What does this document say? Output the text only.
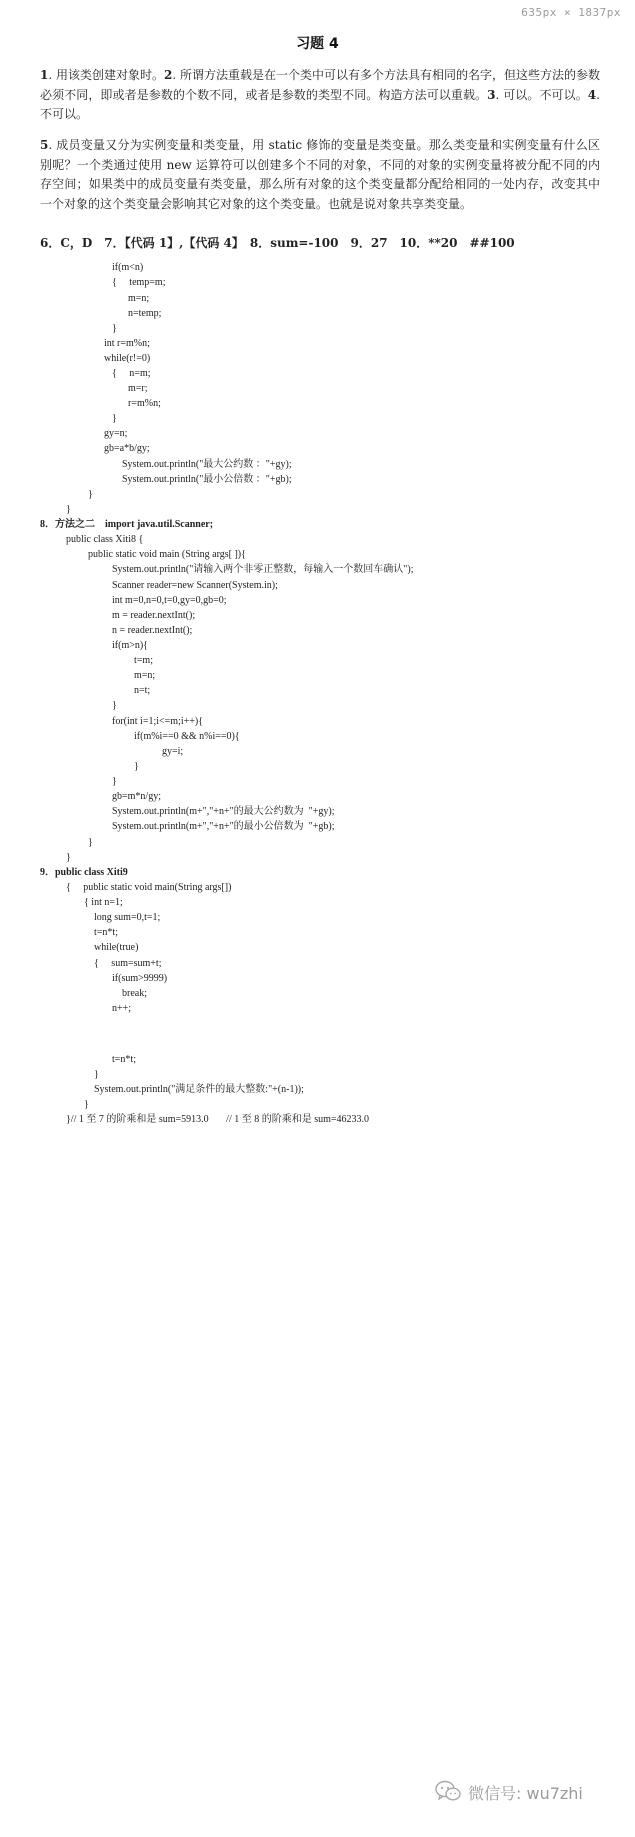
635px × 1837px
习题 4
1. 用该类创建对象时。2. 所谓方法重载是在一个类中可以有多个方法具有相同的名字，但这些方法的参数必须不同，即或者是参数的个数不同，或者是参数的类型不同。构造方法可以重载。3. 可以。不可以。4. 不可以。
5. 成员变量又分为实例变量和类变量，用 static 修饰的变量是类变量。那么类变量和实例变量有什么区别呢？一个类通过使用 new 运算符可以创建多个不同的对象，不同的对象的实例变量将被分配不同的内存空间；如果类中的成员变量有类变量，那么所有对象的这个类变量都分配给相同的一处内存，改变其中一个对象的这个类变量会影响其它对象的这个类变量。也就是说对象共享类变量。
6．C，D　7．【代码 1】,【代码 4】　8．sum=-100　9．27　10．**20　##100
if(m<n)
{     temp=m;
m=n;
n=temp;
}
int r=m%n;
while(r!=0)
{     n=m;
m=r;
r=m%n;
}
gy=n;
gb=a*b/gy;
System.out.println("最大公约数 ："+gy);
System.out.println("最小公倍数 ："+gb);
}
}
8．方法之二    import java.util.Scanner;
public class Xiti8 {
public static void main (String args[ ]){
System.out.println("请输入两个非零正整数，每输入一个数回车确认");
Scanner reader=new Scanner(System.in);
int m=0,n=0,t=0,gy=0,gb=0;
m = reader.nextInt();
n = reader.nextInt();
if(m>n){
t=m;
m=n;
n=t;
}
for(int i=1;i<=m;i++){
if(m%i==0 && n%i==0){
gy=i;
}
}
gb=m*n/gy;
System.out.println(m+","+n+"的最大公约数为  "+gy);
System.out.println(m+","+n+"的最小公倍数为  "+gb);
}
}
9．public class Xiti9
{     public static void main(String args[])
{ int n=1;
long sum=0,t=1;
t=n*t;
while(true)
{     sum=sum+t;
if(sum>9999)
break;
n++;
t=n*t;
}
System.out.println("满足条件的最大整数:"+(n-1));
}
}// 1 至 7 的阶乘和是 sum=5913.0       // 1 至 8 的阶乘和是 sum=46233.0
微信号: wu7zhi
